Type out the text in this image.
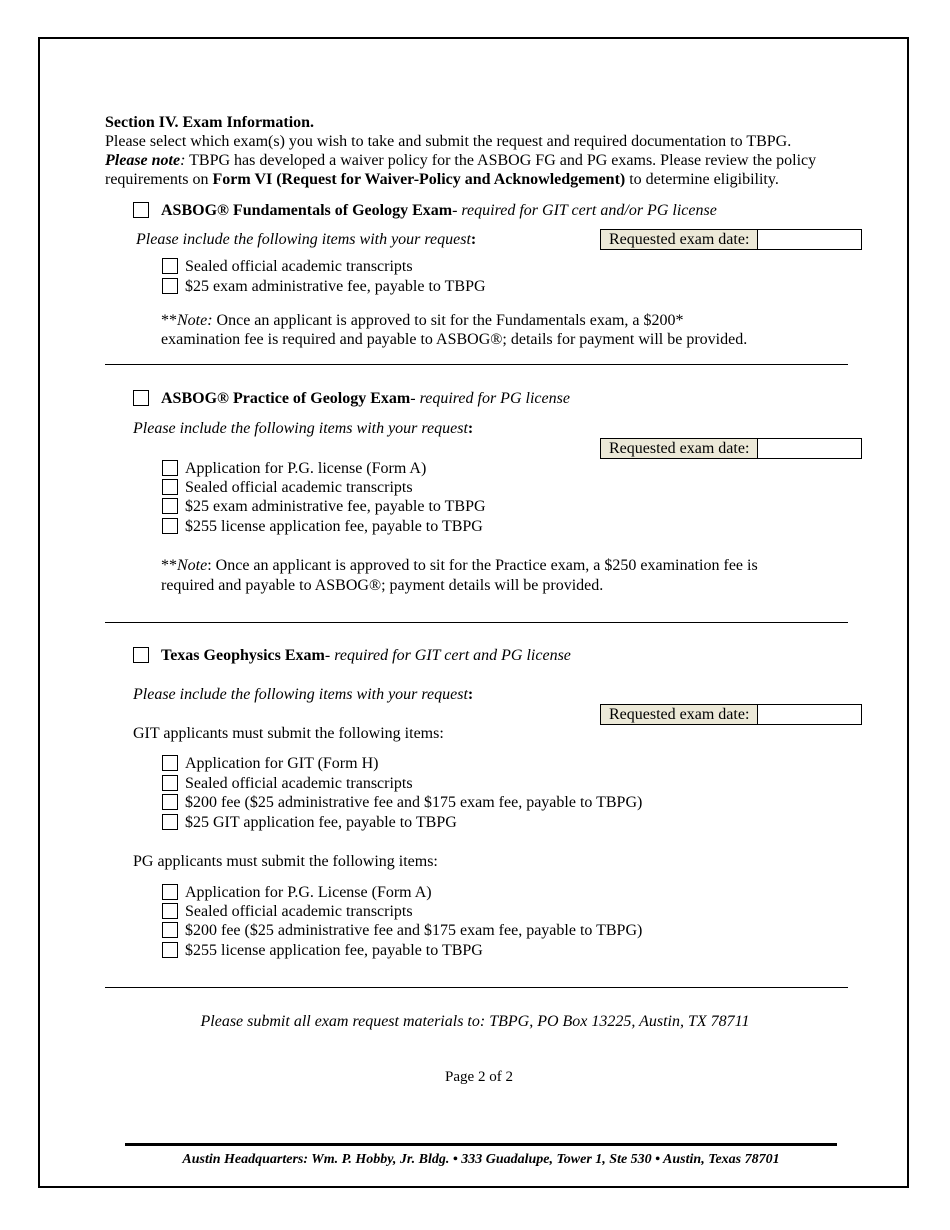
Section IV. Exam Information.
Please select which exam(s) you wish to take and submit the request and required documentation to TBPG.
Please note: TBPG has developed a waiver policy for the ASBOG FG and PG exams. Please review the policy
requirements on Form VI (Request for Waiver-Policy and Acknowledgement) to determine eligibility.
ASBOG® Fundamentals of Geology Exam- required for GIT cert and/or PG license
Please include the following items with your request:	Requested exam date:
Sealed official academic transcripts
$25 exam administrative fee, payable to TBPG
**Note: Once an applicant is approved to sit for the Fundamentals exam, a $200*
examination fee is required and payable to ASBOG®; details for payment will be provided.
ASBOG® Practice of Geology Exam- required for PG license
Please include the following items with your request:
Requested exam date:
Application for P.G. license (Form A)
Sealed official academic transcripts
$25 exam administrative fee, payable to TBPG
$255 license application fee, payable to TBPG
**Note: Once an applicant is approved to sit for the Practice exam, a $250 examination fee is
required and payable to ASBOG®; payment details will be provided.
Texas Geophysics Exam- required for GIT cert and PG license
Please include the following items with your request:
Requested exam date:
GIT applicants must submit the following items:
Application for GIT (Form H)
Sealed official academic transcripts
$200 fee ($25 administrative fee and $175 exam fee, payable to TBPG)
$25 GIT application fee, payable to TBPG
PG applicants must submit the following items:
Application for P.G. License (Form A)
Sealed official academic transcripts
$200 fee ($25 administrative fee and $175 exam fee, payable to TBPG)
$255 license application fee, payable to TBPG
Please submit all exam request materials to: TBPG, PO Box 13225, Austin, TX 78711
Page 2 of 2
Austin Headquarters: Wm. P. Hobby, Jr. Bldg. • 333 Guadalupe, Tower 1, Ste 530 • Austin, Texas 78701
